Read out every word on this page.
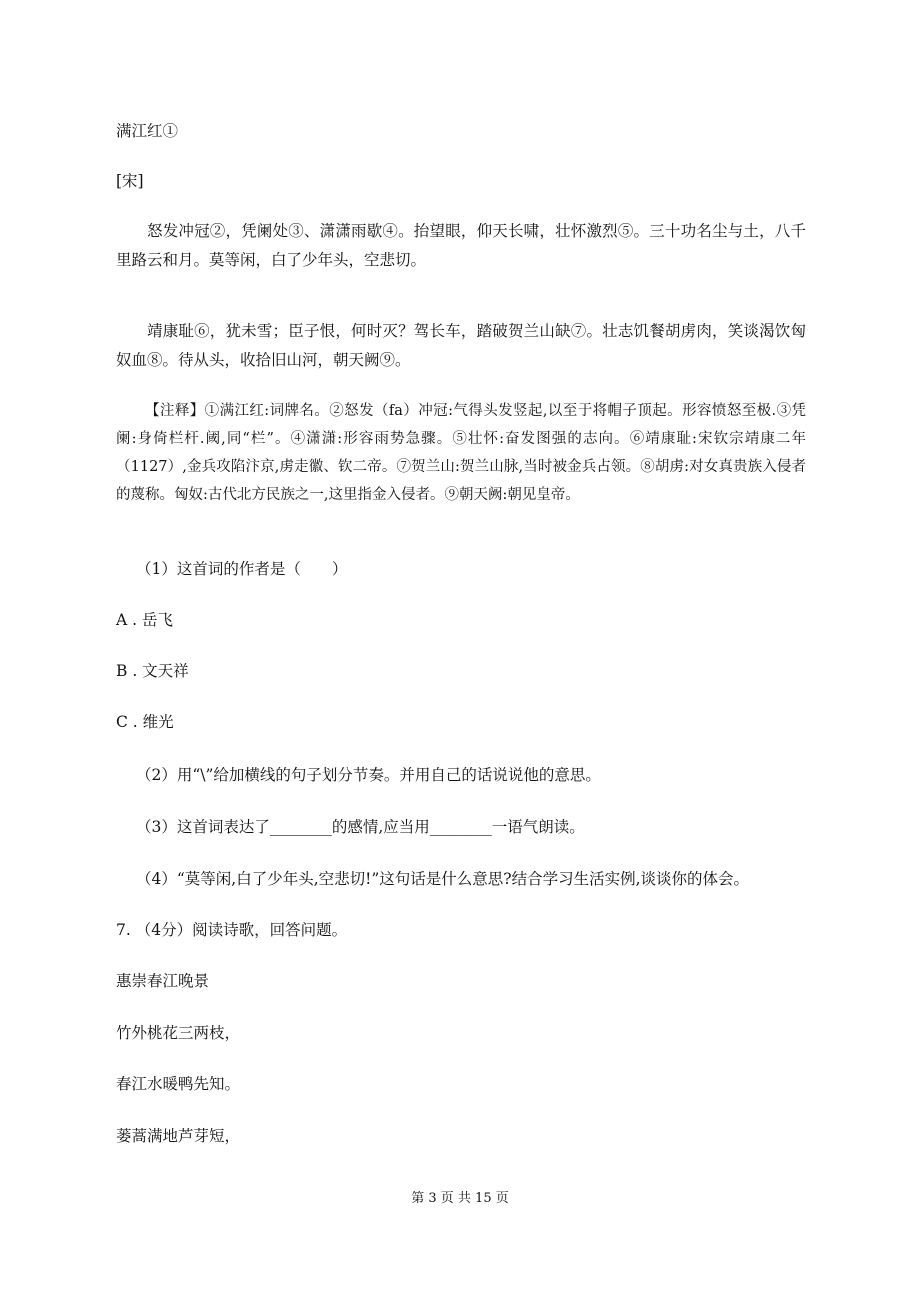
满江红①
[宋]
怒发冲冠②，凭阑处③、潇潇雨歇④。抬望眼，仰天长啸，壮怀激烈⑤。三十功名尘与土，八千里路云和月。莫等闲，白了少年头，空悲切。
靖康耻⑥，犹未雪；臣子恨，何时灭？驾长车，踏破贺兰山缺⑦。壮志饥餐胡虏肉，笑谈渴饮匈奴血⑧。待从头，收拾旧山河，朝天阙⑨。
【注释】①满江红:词牌名。②怒发（fa）冲冠:气得头发竖起,以至于将帽子顶起。形容愤怒至极.③凭阑:身倚栏杆.阈,同“栏”。④潇潇:形容雨势急骤。⑤壮怀:奋发图强的志向。⑥靖康耻:宋钦宗靖康二年（1127）,金兵攻陷汴京,虏走徽、钦二帝。⑦贺兰山:贺兰山脉,当时被金兵占领。⑧胡虏:对女真贵族入侵者的蔑称。匈奴:古代北方民族之一,这里指金入侵者。⑨朝天阙:朝见皇帝。
（1）这首词的作者是（　　）
A . 岳飞
B . 文天祥
C . 维光
（2）用“\”给加横线的句子划分节奏。并用自己的话说说他的意思。
（3）这首词表达了________的感情,应当用________一语气朗读。
（4）“莫等闲,白了少年头,空悲切!”这句话是什么意思?结合学习生活实例,谈谈你的体会。
7. （4分）阅读诗歌，回答问题。
惠崇春江晚景
竹外桃花三两枝，
春江水暖鸭先知。
蒌蒿满地芦芽短，
第 3 页 共 15 页
